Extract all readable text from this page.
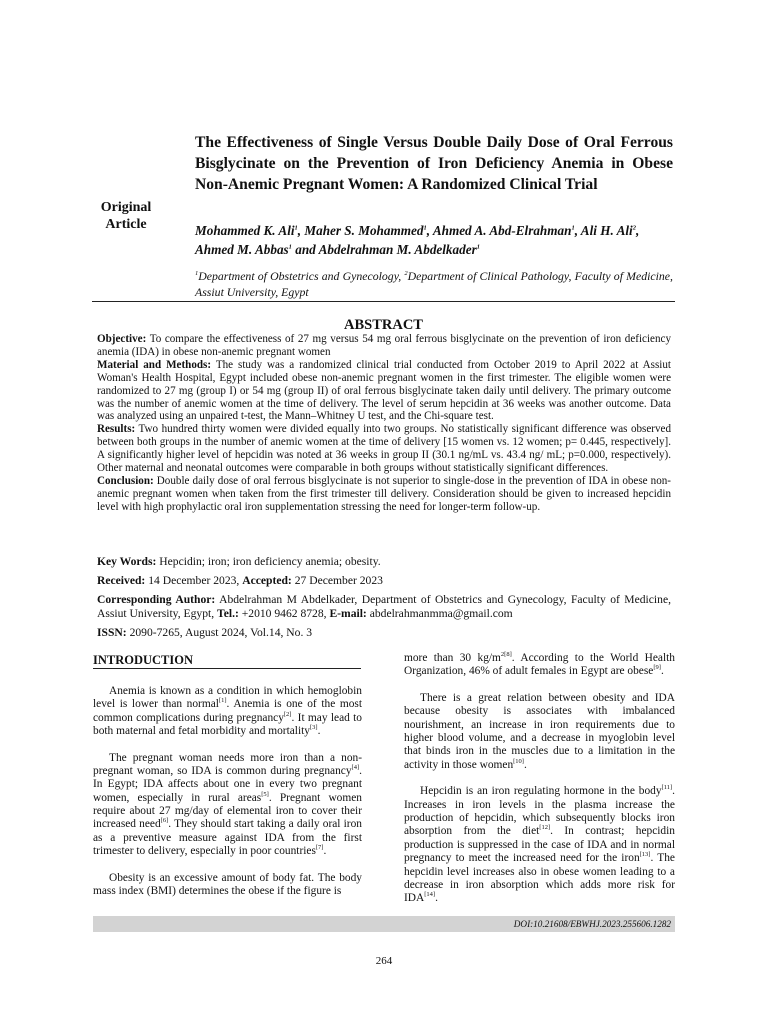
Original
Article
The Effectiveness of Single Versus Double Daily Dose of Oral Ferrous Bisglycinate on the Prevention of Iron Deficiency Anemia in Obese Non-Anemic Pregnant Women: A Randomized Clinical Trial
Mohammed K. Ali$^1$, Maher S. Mohammed$^1$, Ahmed A. Abd-Elrahman$^1$, Ali H. Ali$^2$, Ahmed M. Abbas$^1$ and Abdelrahman M. Abdelkader$^1$
$^1$Department of Obstetrics and Gynecology, $^2$Department of Clinical Pathology, Faculty of Medicine, Assiut University, Egypt
ABSTRACT

Objective: To compare the effectiveness of 27 mg versus 54 mg oral ferrous bisglycinate on the prevention of iron deficiency anemia (IDA) in obese non-anemic pregnant women

Material and Methods: The study was a randomized clinical trial conducted from October 2019 to April 2022 at Assiut Woman's Health Hospital, Egypt included obese non-anemic pregnant women in the first trimester. The eligible women were randomized to 27 mg (group I) or 54 mg (group II) of oral ferrous bisglycinate taken daily until delivery. The primary outcome was the number of anemic women at the time of delivery. The level of serum hepcidin at 36 weeks was another outcome. Data was analyzed using an unpaired t-test, the Mann–Whitney U test, and the Chi-square test.

Results: Two hundred thirty women were divided equally into two groups. No statistically significant difference was observed between both groups in the number of anemic women at the time of delivery [15 women vs. 12 women; p= 0.445, respectively]. A significantly higher level of hepcidin was noted at 36 weeks in group II (30.1 ng/mL vs. 43.4 ng/ mL; p=0.000, respectively). Other maternal and neonatal outcomes were comparable in both groups without statistically significant differences.

Conclusion: Double daily dose of oral ferrous bisglycinate is not superior to single-dose in the prevention of IDA in obese non-anemic pregnant women when taken from the first trimester till delivery. Consideration should be given to increased hepcidin level with high prophylactic oral iron supplementation stressing the need for longer-term follow-up.

Key Words: Hepcidin; iron; iron deficiency anemia; obesity.
Received: 14 December 2023, Accepted: 27 December 2023
Corresponding Author: Abdelrahman M Abdelkader, Department of Obstetrics and Gynecology, Faculty of Medicine, Assiut University, Egypt, Tel.: +2010 9462 8728, E-mail: abdelrahmanmma@gmail.com
ISSN: 2090-7265, August 2024, Vol.14, No. 3
INTRODUCTION

Anemia is known as a condition in which hemoglobin level is lower than normal[1]. Anemia is one of the most common complications during pregnancy[2]. It may lead to both maternal and fetal morbidity and mortality[3].

The pregnant woman needs more iron than a non-pregnant woman, so IDA is common during pregnancy[4]. In Egypt; IDA affects about one in every two pregnant women, especially in rural areas[5]. Pregnant women require about 27 mg/day of elemental iron to cover their increased need[6]. They should start taking a daily oral iron as a preventive measure against IDA from the first trimester to delivery, especially in poor countries[7].

Obesity is an excessive amount of body fat. The body mass index (BMI) determines the obese if the figure is

more than 30 $kg/m^{2[8]}$. According to the World Health Organization, 46% of adult females in Egypt are obese[9].

There is a great relation between obesity and IDA because obesity is associates with imbalanced nourishment, an increase in iron requirements due to higher blood volume, and a decrease in myoglobin level that binds iron in the muscles due to a limitation in the activity in those women[10].

Hepcidin is an iron regulating hormone in the body[11]. Increases in iron levels in the plasma increase the production of hepcidin, which subsequently blocks iron absorption from the diet[12]. In contrast; hepcidin production is suppressed in the case of IDA and in normal pregnancy to meet the increased need for the iron[13]. The hepcidin level increases also in obese women leading to a decrease in iron absorption which adds more risk for IDA[14].

DOI:10.21608/EBWHJ.2023.255606.1282
264
